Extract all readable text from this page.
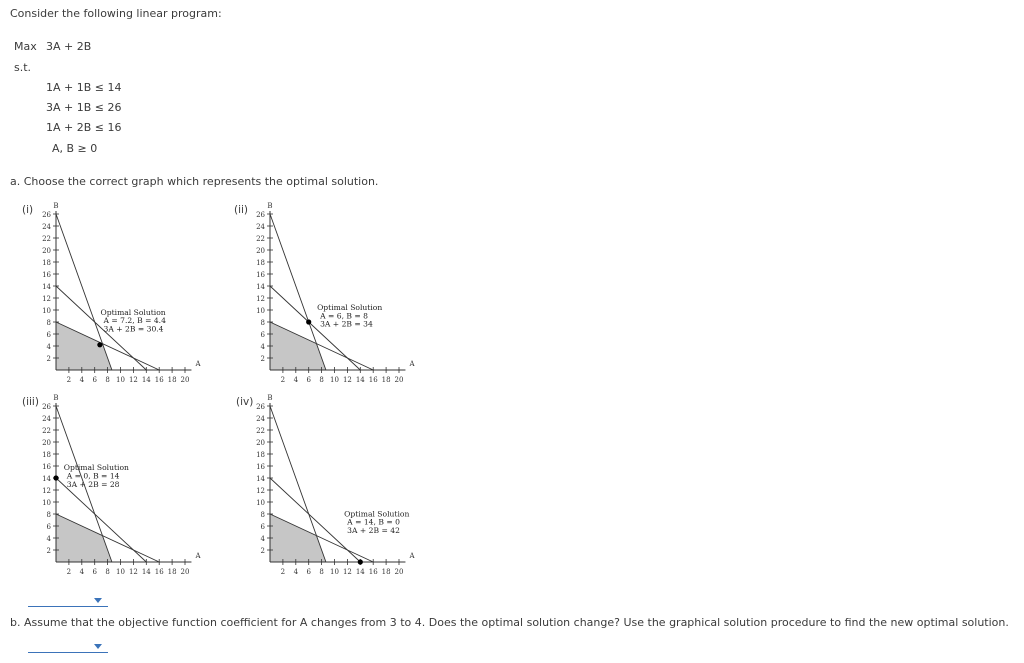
Consider the following linear program:
Max 3A + 2B
s.t.
1A + 1B ≤ 14
3A + 1B ≤ 26
1A + 2B ≤ 16
A, B ≥ 0
a. Choose the correct graph which represents the optimal solution.
(i)	(ii)
(iii)	(iv)
26
24
22
20
18
16
14
12
10
8
6
4
2
2 4 6 8 10 12 14 16 18 20
B
A
Optimal Solution
A = 7.2, B = 4.4
3A + 2B = 30.4
26
24
22
20
18
16
14
12
10
8
6
4
2
2 4 6 8 10 12 14 16 18 20
B
A
Optimal Solution
A = 6, B = 8
3A + 2B = 34
26
24
22
20
18
16
14
12
10
8
6
4
2
2 4 6 8 10 12 14 16 18 20
B
A
Optimal Solution
A = 0, B = 14
3A + 2B = 28
26
24
22
20
18
16
14
12
10
8
6
4
2
2 4 6 8 10 12 14 16 18 20
B
A
Optimal Solution
A = 14, B = 0
3A + 2B = 42
b. Assume that the objective function coefficient for A changes from 3 to 4. Does the optimal solution change? Use the graphical solution procedure to find the new optimal solution.
